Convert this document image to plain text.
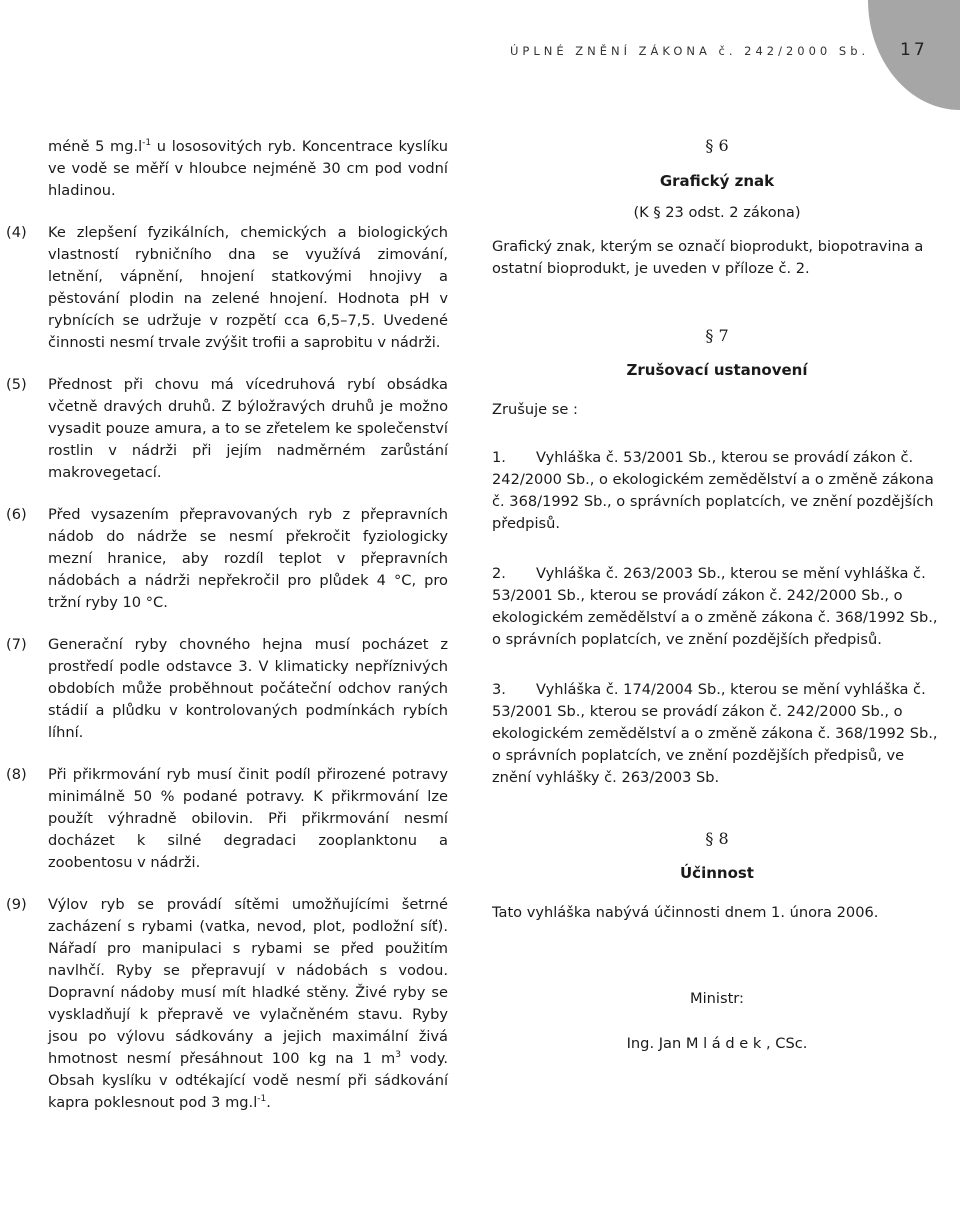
ÚPLNÉ ZNĚNÍ ZÁKONA č. 242/2000 Sb. 17

méně 5 $mg.l^{-1}$ u lososovitých ryb. Koncentrace kyslíku ve vodě se měří v hloubce nejméně 30 cm pod vodní hladinou.

(4) Ke zlepšení fyzikálních, chemických a biologických vlastností rybničního dna se využívá zimování, letnění, vápnění, hnojení statkovými hnojivy a pěstování plodin na zelené hnojení. Hodnota pH v rybnících se udržuje v rozpětí cca 6,5–7,5. Uvedené činnosti nesmí trvale zvýšit trofii a saprobitu v nádrži.

(5) Přednost při chovu má vícedruhová rybí obsádka včetně dravých druhů. Z býložravých druhů je možno vysadit pouze amura, a to se zřetelem ke společenství rostlin v nádrži při jejím nadměrném zarůstání makrovegetací.

(6) Před vysazením přepravovaných ryb z přepravních nádob do nádrže se nesmí překročit fyziologicky mezní hranice, aby rozdíl teplot v přepravních nádobách a nádrži nepřekročil pro plůdek 4 °C, pro tržní ryby 10 °C.

(7) Generační ryby chovného hejna musí pocházet z prostředí podle odstavce 3. V klimaticky nepříznivých obdobích může proběhnout počáteční odchov raných stádií a plůdku v kontrolovaných podmínkách rybích líhní.

(8) Při přikrmování ryb musí činit podíl přirozené potravy minimálně 50 % podané potravy. K přikrmování lze použít výhradně obilovin. Při přikrmování nesmí docházet k silné degradaci zooplanktonu a zoobentosu v nádrži.

(9) Výlov ryb se provádí sítěmi umožňujícími šetrné zacházení s rybami (vatka, nevod, plot, podložní síť). Nářadí pro manipulaci s rybami se před použitím navlhčí. Ryby se přepravují v nádobách s vodou. Dopravní nádoby musí mít hladké stěny. Živé ryby se vyskladňují k přepravě ve vylačněném stavu. Ryby jsou po výlovu sádkovány a jejich maximální živá hmotnost nesmí přesáhnout 100 kg na 1 $m^3$ vody. Obsah kyslíku v odtékající vodě nesmí při sádkování kapra poklesnout pod 3 $mg.l^{-1}$.

§ 6

Grafický znak

(K § 23 odst. 2 zákona)

Grafický znak, kterým se označí bioprodukt, biopotravina a ostatní bioprodukt, je uveden v příloze č. 2.

§ 7

Zrušovací ustanovení

Zrušuje se :

1.	Vyhláška č. 53/2001 Sb., kterou se provádí zákon č. 242/2000 Sb., o ekologickém zemědělství a o změně zákona č. 368/1992 Sb., o správních poplatcích, ve znění pozdějších předpisů.

2.	Vyhláška č. 263/2003 Sb., kterou se mění vyhláška č. 53/2001 Sb., kterou se provádí zákon č. 242/2000 Sb., o ekologickém zemědělství a o změně zákona č. 368/1992 Sb., o správních poplatcích, ve znění pozdějších předpisů.

3.	Vyhláška č. 174/2004 Sb., kterou se mění vyhláška č. 53/2001 Sb., kterou se provádí zákon č. 242/2000 Sb., o ekologickém zemědělství a o změně zákona č. 368/1992 Sb., o správních poplatcích, ve znění pozdějších předpisů, ve znění vyhlášky č. 263/2003 Sb.

§ 8

Účinnost

Tato vyhláška nabývá účinnosti dnem 1. února 2006.

Ministr:

Ing. Jan M l á d e k , CSc.
